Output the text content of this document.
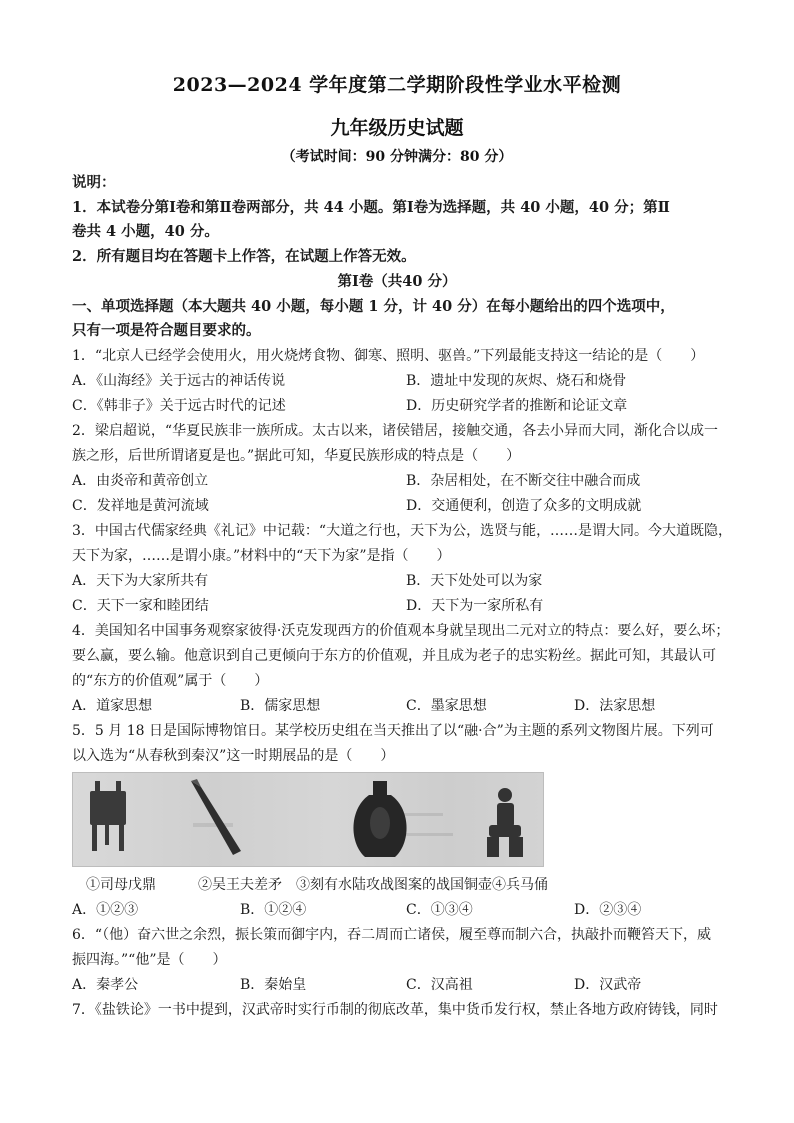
2023—2024 学年度第二学期阶段性学业水平检测
九年级历史试题
（考试时间：90 分钟满分：80 分）
说明：
1．本试卷分第Ⅰ卷和第Ⅱ卷两部分，共 44 小题。第Ⅰ卷为选择题，共 40 小题，40 分；第Ⅱ
卷共 4 小题，40 分。
2．所有题目均在答题卡上作答，在试题上作答无效。
第Ⅰ卷（共40 分）
一、单项选择题（本大题共 40 小题，每小题 1 分，计 40 分）在每小题给出的四个选项中，
只有一项是符合题目要求的。
1．“北京人已经学会使用火，用火烧烤食物、御寒、照明、驱兽。”下列最能支持这一结论的是（　　）
A．《山海经》关于远古的神话传说	B．遗址中发现的灰烬、烧石和烧骨
C．《韩非子》关于远古时代的记述	D．历史研究学者的推断和论证文章
2．梁启超说，“华夏民族非一族所成。太古以来，诸侯错居，接触交通，各去小异而大同，渐化合以成一
族之形，后世所谓诸夏是也。”据此可知，华夏民族形成的特点是（　　）
A．由炎帝和黄帝创立	B．杂居相处，在不断交往中融合而成
C．发祥地是黄河流域	D．交通便利，创造了众多的文明成就
3．中国古代儒家经典《礼记》中记载：“大道之行也，天下为公，选贤与能，……是谓大同。今大道既隐，
天下为家，……是谓小康。”材料中的“天下为家”是指（　　）
A．天下为大家所共有	B．天下处处可以为家
C．天下一家和睦团结	D．天下为一家所私有
4．美国知名中国事务观察家彼得·沃克发现西方的价值观本身就呈现出二元对立的特点：要么好，要么坏；
要么赢，要么输。他意识到自己更倾向于东方的价值观，并且成为老子的忠实粉丝。据此可知，其最认可
的“东方的价值观”属于（　　）
A．道家思想	B．儒家思想	C．墨家思想	D．法家思想
5．5 月 18 日是国际博物馆日。某学校历史组在当天推出了以“融·合”为主题的系列文物图片展。下列可
以入选为“从春秋到秦汉”这一时期展品的是（　　）
①司母戊鼎　　　②吴王夫差矛　③刻有水陆攻战图案的战国铜壶④兵马俑
A．①②③	B．①②④	C．①③④	D．②③④
6．“（他）奋六世之余烈，振长策而御宇内，吞二周而亡诸侯，履至尊而制六合，执敲扑而鞭笞天下，威
振四海。”“他”是（　　）
A．秦孝公	B．秦始皇	C．汉高祖	D．汉武帝
7．《盐铁论》一书中提到，汉武帝时实行币制的彻底改革，集中货币发行权，禁止各地方政府铸钱，同时
